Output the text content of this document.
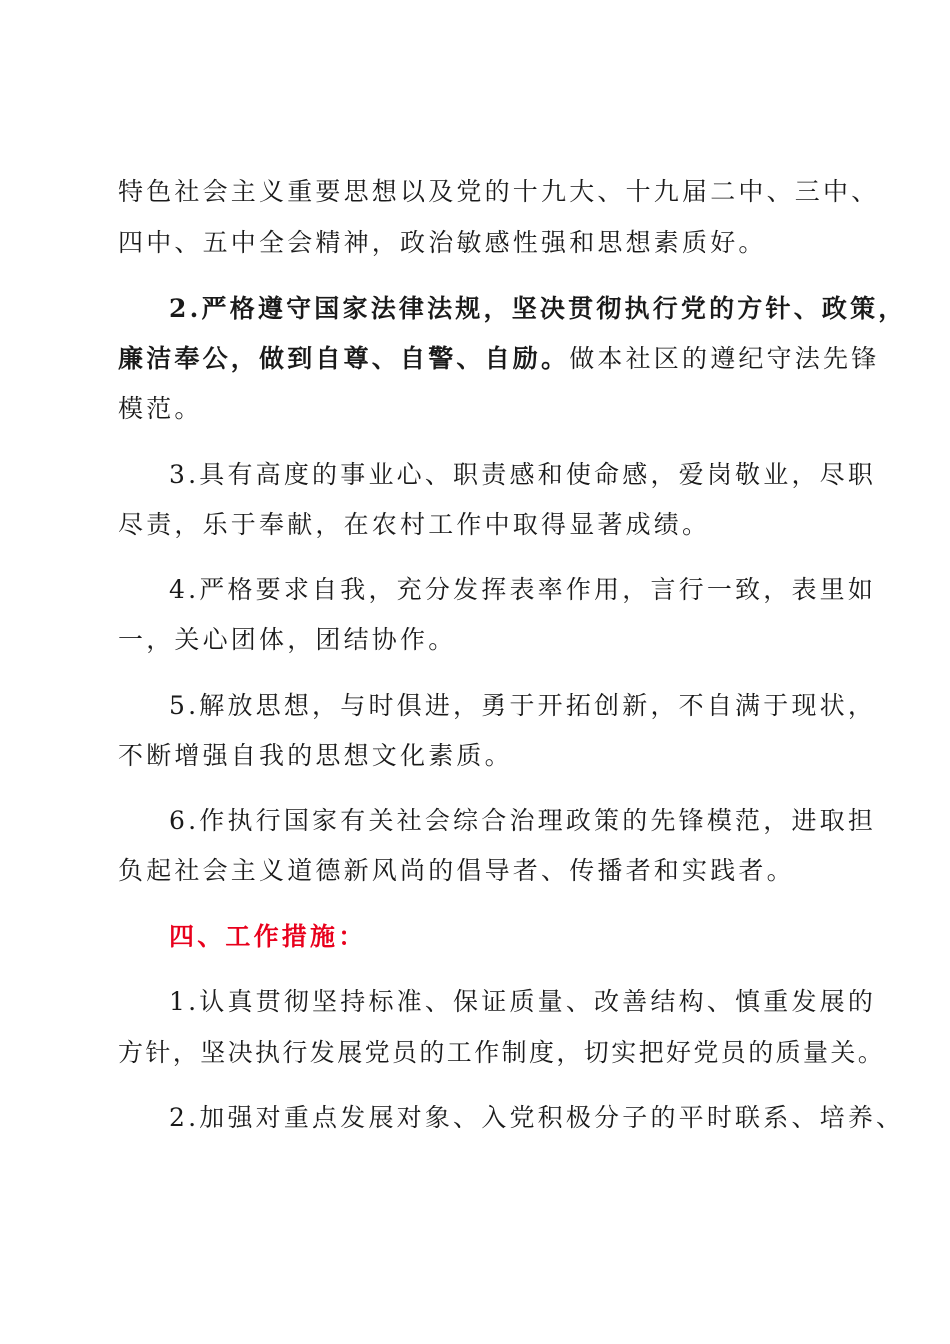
特色社会主义重要思想以及党的十九大、十九届二中、三中、
四中、五中全会精神，政治敏感性强和思想素质好。
2.严格遵守国家法律法规，坚决贯彻执行党的方针、政策，
廉洁奉公，做到自尊、自警、自励。做本社区的遵纪守法先锋
模范。
3.具有高度的事业心、职责感和使命感，爱岗敬业，尽职
尽责，乐于奉献，在农村工作中取得显著成绩。
4.严格要求自我，充分发挥表率作用，言行一致，表里如
一，关心团体，团结协作。
5.解放思想，与时俱进，勇于开拓创新，不自满于现状，
不断增强自我的思想文化素质。
6.作执行国家有关社会综合治理政策的先锋模范，进取担
负起社会主义道德新风尚的倡导者、传播者和实践者。
四、工作措施：
1.认真贯彻坚持标准、保证质量、改善结构、慎重发展的
方针，坚决执行发展党员的工作制度，切实把好党员的质量关。
2.加强对重点发展对象、入党积极分子的平时联系、培养、
